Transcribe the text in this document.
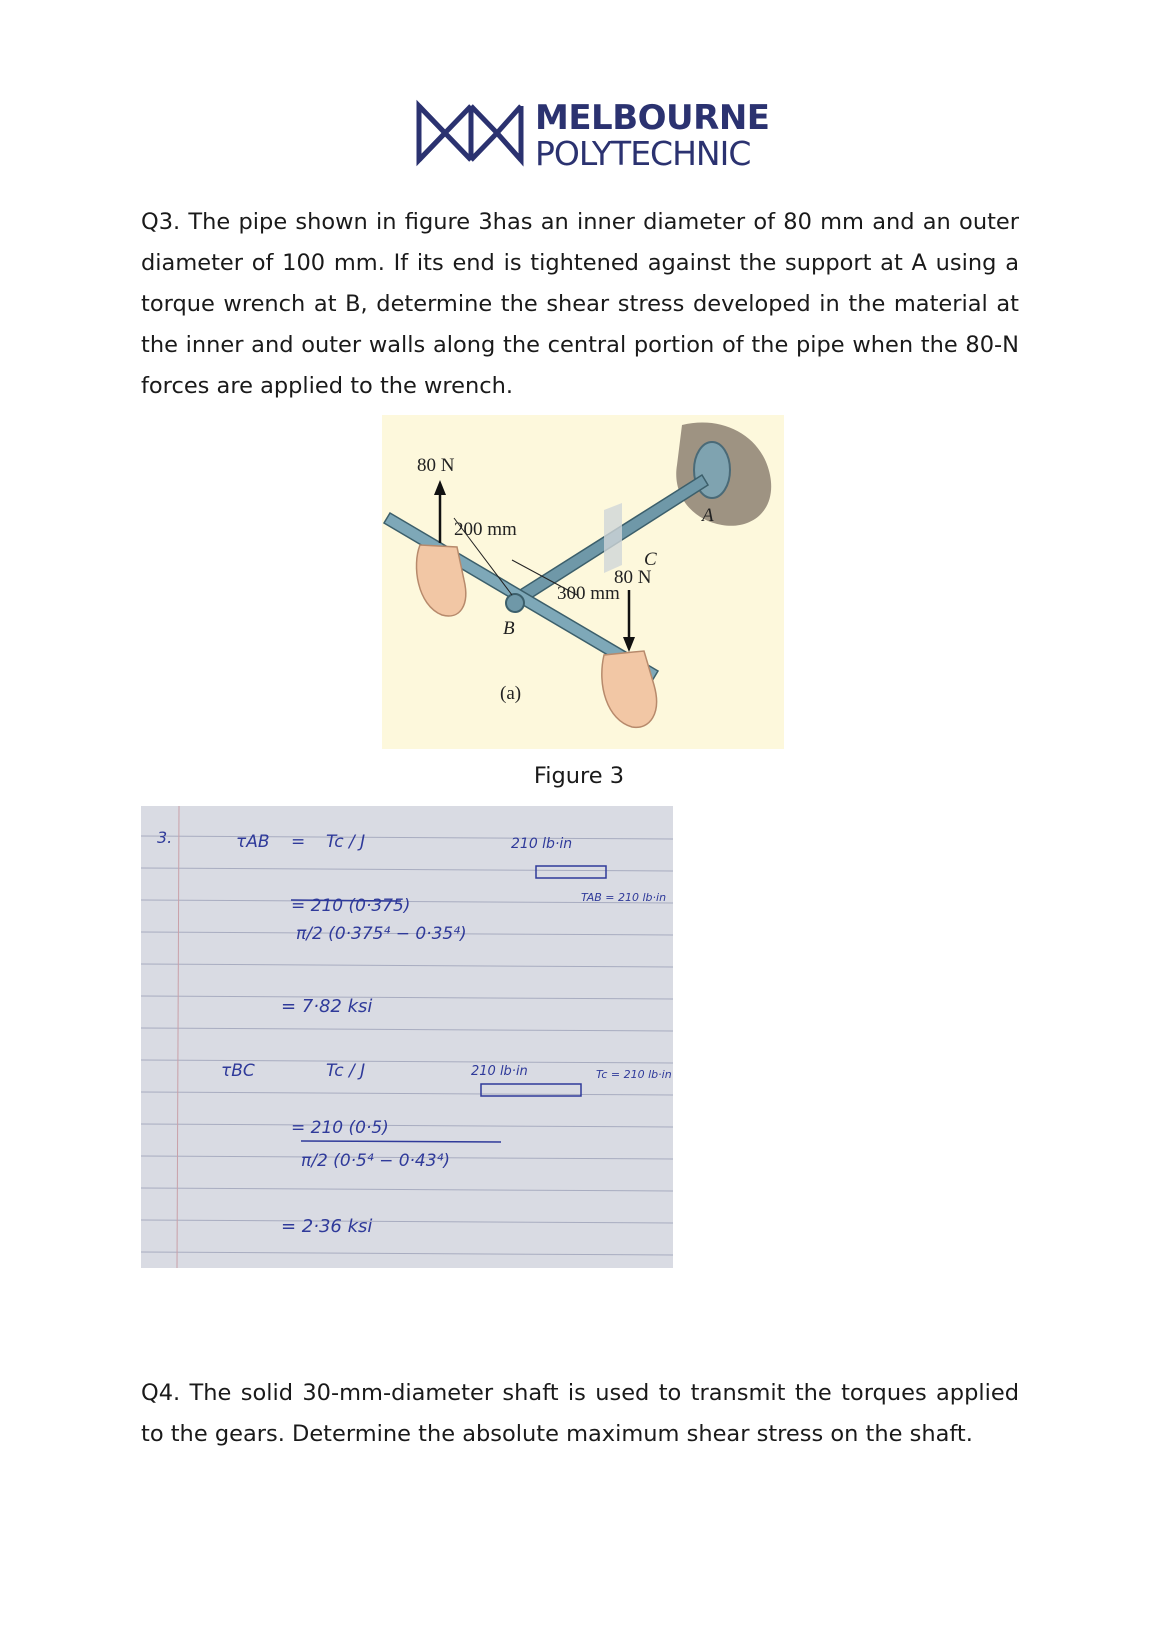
MELBOURNE
POLYTECHNIC

Q3. The pipe shown in figure 3has an inner diameter of 80 mm and an outer diameter of 100 mm. If its end is tightened against the support at A using a torque wrench at B, determine the shear stress developed in the material at the inner and outer walls along the central portion of the pipe when the 80-N forces are applied to the wrench.

80 N
200 mm
300 mm
80 N
A
B
C
(a)
Figure 3
3.	τAB = Tc / J	210 lb·in
TAB = 210 lb·in
= 210 (0·375)
π/2 (0·375⁴ − 0·35⁴)
= 7·82 ksi
τBC	Tc / J	210 lb·in	Tc = 210 lb·in
= 210 (0·5)
π/2 (0·5⁴ − 0·43⁴)
= 2·36 ksi

Q4. The solid 30-mm-diameter shaft is used to transmit the torques applied to the gears. Determine the absolute maximum shear stress on the shaft.
